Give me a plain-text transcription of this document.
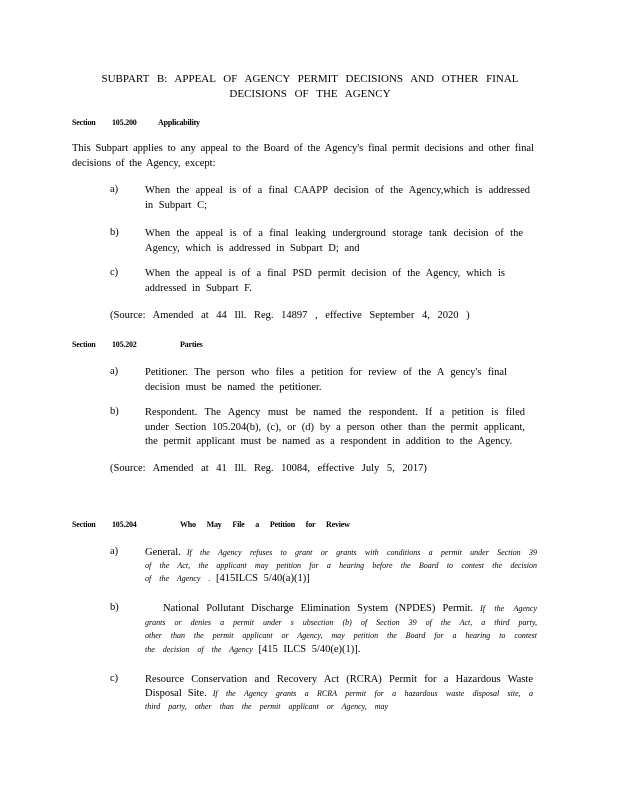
SUBPART B: APPEAL OF AGENCY PERMIT DECISIONS AND OTHER FINAL
DECISIONS OF THE AGENCY
Section 105.200	Applicability
This Subpart applies to any appeal to the Board of the Agency's final permit decisions and other final decisions of the Agency, except:
a)	When the appeal is of a final CAAPP decision of the Agency,which is addressed in Subpart C;
b)	When the appeal is of a final leaking underground storage tank decision of the Agency, which is addressed in Subpart D; and
c)	When the appeal is of a final PSD permit decision of the Agency, which is addressed in Subpart F.
(Source: Amended at 44 Ill. Reg. 14897 , effective September 4, 2020 )
Section 105.202	Parties
a)	Petitioner. The person who files a petition for review of the A gency's final decision must be named the petitioner.
b)	Respondent. The Agency must be named the respondent. If a petition is filed under Section 105.204(b), (c), or (d) by a person other than the permit applicant, the permit applicant must be named as a respondent in addition to the Agency.
(Source: Amended at 41 Ill. Reg. 10084, effective July 5, 2017)
Section 105.204	Who May File a Petition for Review
a)	General. If the Agency refuses to grant or grants with conditions a permit under Section 39 of the Act, the applicant may petition for a hearing before the Board to contest the decision of the Agency . [415ILCS 5/40(a)(1)]
b)	National Pollutant Discharge Elimination System (NPDES) Permit. If the Agency grants or denies a permit under s ubsection (b) of Section 39 of the Act, a third party, other than the permit applicant or Agency, may petition the Board for a hearing to contest the decision of the Agency [415 ILCS 5/40(e)(1)].
c)	Resource Conservation and Recovery Act (RCRA) Permit for a Hazardous Waste Disposal Site. If the Agency grants a RCRA permit for a hazardous waste disposal site, a third party, other than the permit applicant or Agency, may
